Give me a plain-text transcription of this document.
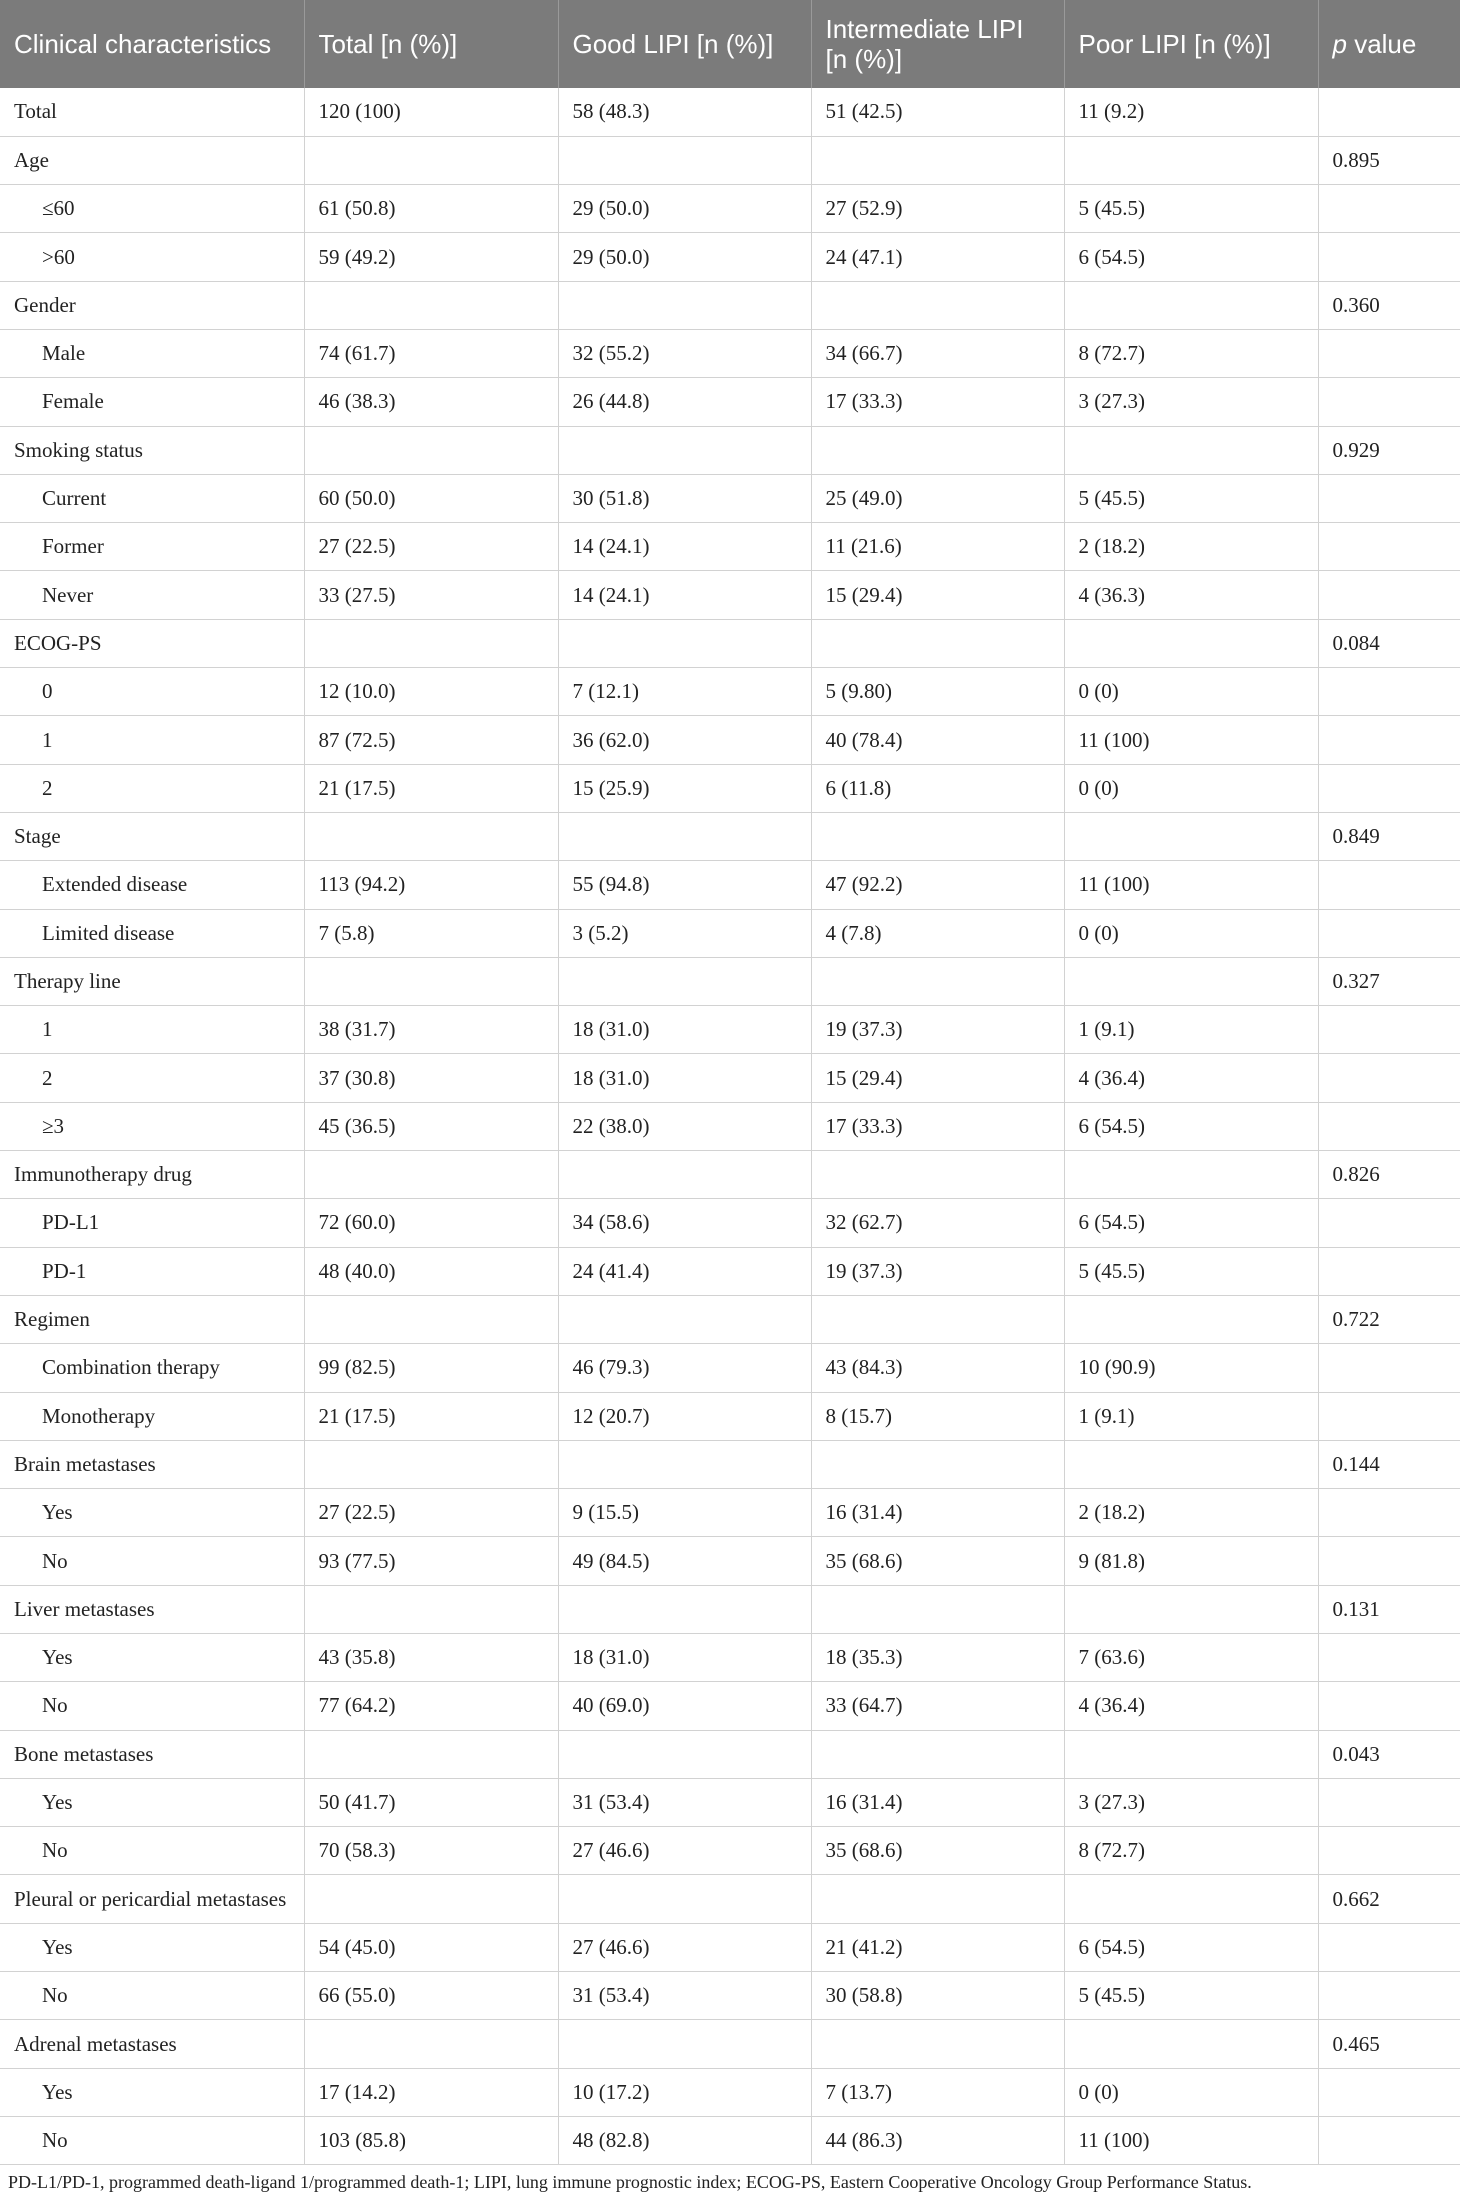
Clinical characteristics	Total [n (%)]	Good LIPI [n (%)]	Intermediate LIPI [n (%)]	Poor LIPI [n (%)]	p value
Total	120 (100)	58 (48.3)	51 (42.5)	11 (9.2)	
Age					0.895
≤60	61 (50.8)	29 (50.0)	27 (52.9)	5 (45.5)	
>60	59 (49.2)	29 (50.0)	24 (47.1)	6 (54.5)	
Gender					0.360
Male	74 (61.7)	32 (55.2)	34 (66.7)	8 (72.7)	
Female	46 (38.3)	26 (44.8)	17 (33.3)	3 (27.3)	
Smoking status					0.929
Current	60 (50.0)	30 (51.8)	25 (49.0)	5 (45.5)	
Former	27 (22.5)	14 (24.1)	11 (21.6)	2 (18.2)	
Never	33 (27.5)	14 (24.1)	15 (29.4)	4 (36.3)	
ECOG-PS					0.084
0	12 (10.0)	7 (12.1)	5 (9.80)	0 (0)	
1	87 (72.5)	36 (62.0)	40 (78.4)	11 (100)	
2	21 (17.5)	15 (25.9)	6 (11.8)	0 (0)	
Stage					0.849
Extended disease	113 (94.2)	55 (94.8)	47 (92.2)	11 (100)	
Limited disease	7 (5.8)	3 (5.2)	4 (7.8)	0 (0)	
Therapy line					0.327
1	38 (31.7)	18 (31.0)	19 (37.3)	1 (9.1)	
2	37 (30.8)	18 (31.0)	15 (29.4)	4 (36.4)	
≥3	45 (36.5)	22 (38.0)	17 (33.3)	6 (54.5)	
Immunotherapy drug					0.826
PD-L1	72 (60.0)	34 (58.6)	32 (62.7)	6 (54.5)	
PD-1	48 (40.0)	24 (41.4)	19 (37.3)	5 (45.5)	
Regimen					0.722
Combination therapy	99 (82.5)	46 (79.3)	43 (84.3)	10 (90.9)	
Monotherapy	21 (17.5)	12 (20.7)	8 (15.7)	1 (9.1)	
Brain metastases					0.144
Yes	27 (22.5)	9 (15.5)	16 (31.4)	2 (18.2)	
No	93 (77.5)	49 (84.5)	35 (68.6)	9 (81.8)	
Liver metastases					0.131
Yes	43 (35.8)	18 (31.0)	18 (35.3)	7 (63.6)	
No	77 (64.2)	40 (69.0)	33 (64.7)	4 (36.4)	
Bone metastases					0.043
Yes	50 (41.7)	31 (53.4)	16 (31.4)	3 (27.3)	
No	70 (58.3)	27 (46.6)	35 (68.6)	8 (72.7)	
Pleural or pericardial metastases					0.662
Yes	54 (45.0)	27 (46.6)	21 (41.2)	6 (54.5)	
No	66 (55.0)	31 (53.4)	30 (58.8)	5 (45.5)	
Adrenal metastases					0.465
Yes	17 (14.2)	10 (17.2)	7 (13.7)	0 (0)	
No	103 (85.8)	48 (82.8)	44 (86.3)	11 (100)	
PD-L1/PD-1, programmed death-ligand 1/programmed death-1; LIPI, lung immune prognostic index; ECOG-PS, Eastern Cooperative Oncology Group Performance Status.
